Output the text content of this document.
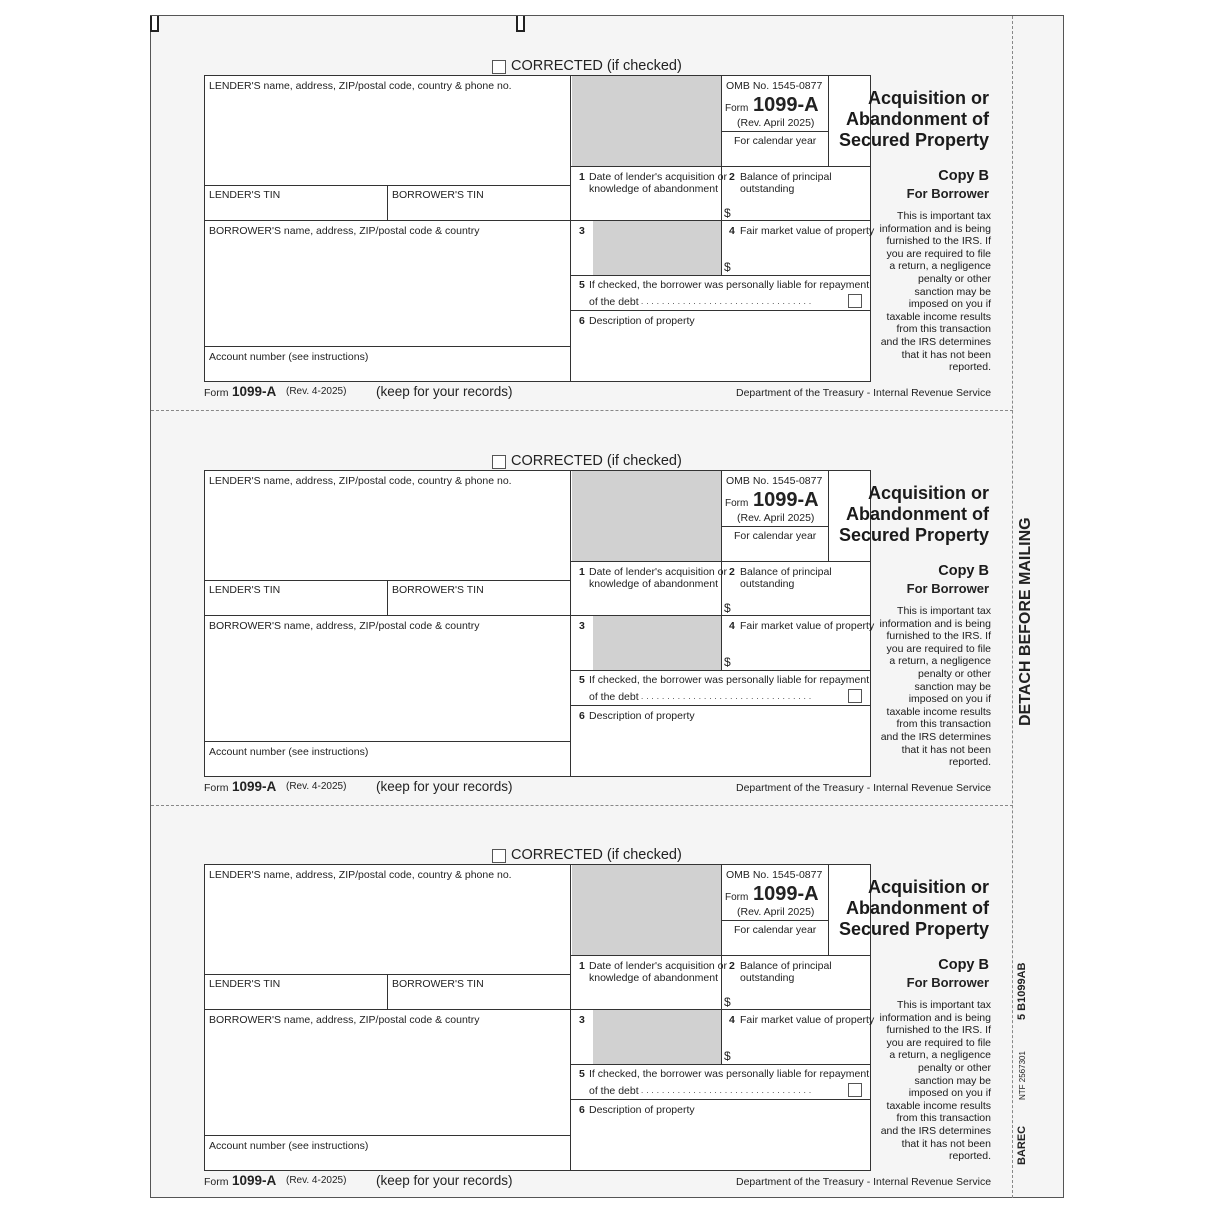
DETACH BEFORE MAILING
5 B1099AB
NTF 2567301
BAREC
CORRECTED (if checked)
LENDER'S name, address, ZIP/postal code, country & phone no.	OMB No. 1545-0877
Form 1099-A
(Rev. April 2025)
For calendar year
Acquisition or
Abandonment of
Secured Property
Copy B
For Borrower
This is important tax
information and is being
furnished to the IRS. If
you are required to file
a return, a negligence
penalty or other
sanction may be
imposed on you if
taxable income results
from this transaction
and the IRS determines
that it has not been
reported.
LENDER'S TIN	BORROWER'S TIN
BORROWER'S name, address, ZIP/postal code & country
Account number (see instructions)
1 Date of lender's acquisition or
knowledge of abandonment
2 Balance of principal
outstanding
$
3	4 Fair market value of property
$
5 If checked, the borrower was personally liable for repayment
of the debt . . . . . . . . . . . . . . . . . . . . . . . . . . . . . . . . .
6 Description of property
Form 1099-A (Rev. 4-2025) (keep for your records)	Department of the Treasury - Internal Revenue Service
CORRECTED (if checked)
LENDER'S name, address, ZIP/postal code, country & phone no.	OMB No. 1545-0877
Form 1099-A
(Rev. April 2025)
For calendar year
Acquisition or
Abandonment of
Secured Property
Copy B
For Borrower
This is important tax
information and is being
furnished to the IRS. If
you are required to file
a return, a negligence
penalty or other
sanction may be
imposed on you if
taxable income results
from this transaction
and the IRS determines
that it has not been
reported.
LENDER'S TIN	BORROWER'S TIN
BORROWER'S name, address, ZIP/postal code & country
Account number (see instructions)
1 Date of lender's acquisition or
knowledge of abandonment
2 Balance of principal
outstanding
$
3	4 Fair market value of property
$
5 If checked, the borrower was personally liable for repayment
of the debt . . . . . . . . . . . . . . . . . . . . . . . . . . . . . . . . .
6 Description of property
Form 1099-A (Rev. 4-2025) (keep for your records)	Department of the Treasury - Internal Revenue Service
CORRECTED (if checked)
LENDER'S name, address, ZIP/postal code, country & phone no.	OMB No. 1545-0877
Form 1099-A
(Rev. April 2025)
For calendar year
Acquisition or
Abandonment of
Secured Property
Copy B
For Borrower
This is important tax
information and is being
furnished to the IRS. If
you are required to file
a return, a negligence
penalty or other
sanction may be
imposed on you if
taxable income results
from this transaction
and the IRS determines
that it has not been
reported.
LENDER'S TIN	BORROWER'S TIN
BORROWER'S name, address, ZIP/postal code & country
Account number (see instructions)
1 Date of lender's acquisition or
knowledge of abandonment
2 Balance of principal
outstanding
$
3	4 Fair market value of property
$
5 If checked, the borrower was personally liable for repayment
of the debt . . . . . . . . . . . . . . . . . . . . . . . . . . . . . . . . .
6 Description of property
Form 1099-A (Rev. 4-2025) (keep for your records)	Department of the Treasury - Internal Revenue Service
